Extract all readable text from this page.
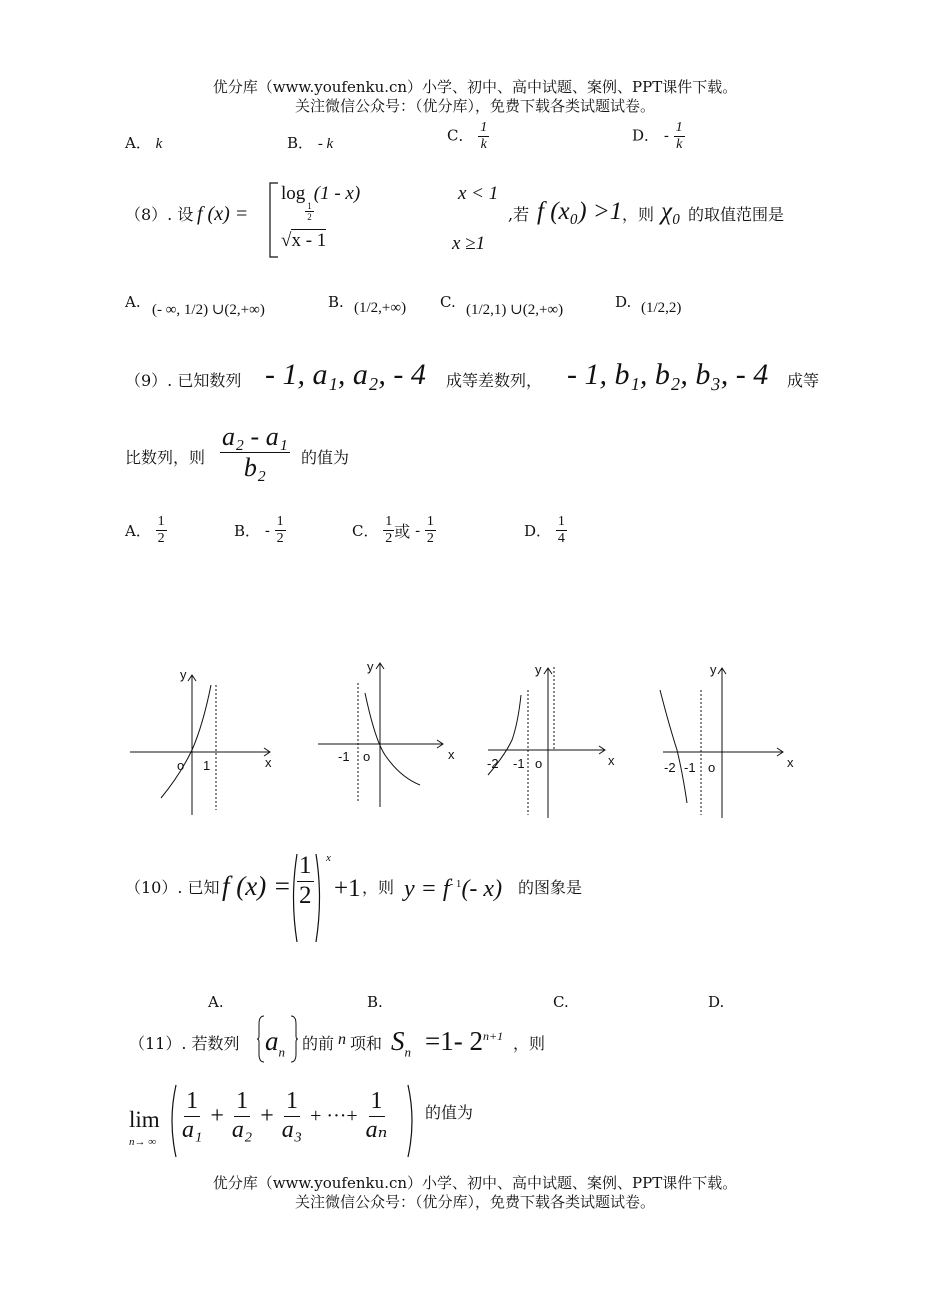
优分库（www.youfenku.cn）小学、初中、高中试题、案例、PPT课件下载。
关注微信公众号：（优分库），免费下载各类试题试卷。
A． k	B． - k	C． $\frac{1}{k}$	D． - $\frac{1}{k}$
（8）. 设 f (x) =
log
$\frac{1}{2}$
(1 - x)	x < 1
√x - 1	x ≥1
,若 f (x₀) >1 ，则 χ₀ 的取值范围是
A. (- ∞, 1/2) ∪(2,+∞)	B. (1/2,+∞) C. (1/2,1) ∪(2,+∞)	D. (1/2,2)
（9）. 已知数列 - 1, a₁, a₂, - 4 成等差数列， - 1, b₁, b₂, b₃, - 4 成等
比数列，则 $\frac{\text{a₂ - a₁}}{\text{b₂}}$ 的值为
A． $\frac{1}{2}$	B． - $\frac{1}{2}$	C． $\frac{1}{2}$ 或 - $\frac{1}{2}$	D． $\frac{1}{4}$
y
x
o 1
y
x
-1 o
y
x
-2 -1 o
y
x
-2 -1 o
（10）. 已知 f $(x) = \frac{1}{2}$ x
+1 ，则 $y = f^{- 1}(-$ x) 的图象是
A.	B.	C.	D.
（11）. 若数列 $a_n$ 的前 n 项和 $S_n =1-$ $2^{n+1}$ ，则
lim
n→ ∞ $\frac{1}{\text{a₁}} + \frac{1}{\text{a₂}} + \frac{1}{\text{a₃}}$ + ···+ $\frac{1}{\text{aₙ}}$ 的值为
优分库（www.youfenku.cn）小学、初中、高中试题、案例、PPT课件下载。
关注微信公众号：（优分库），免费下载各类试题试卷。
